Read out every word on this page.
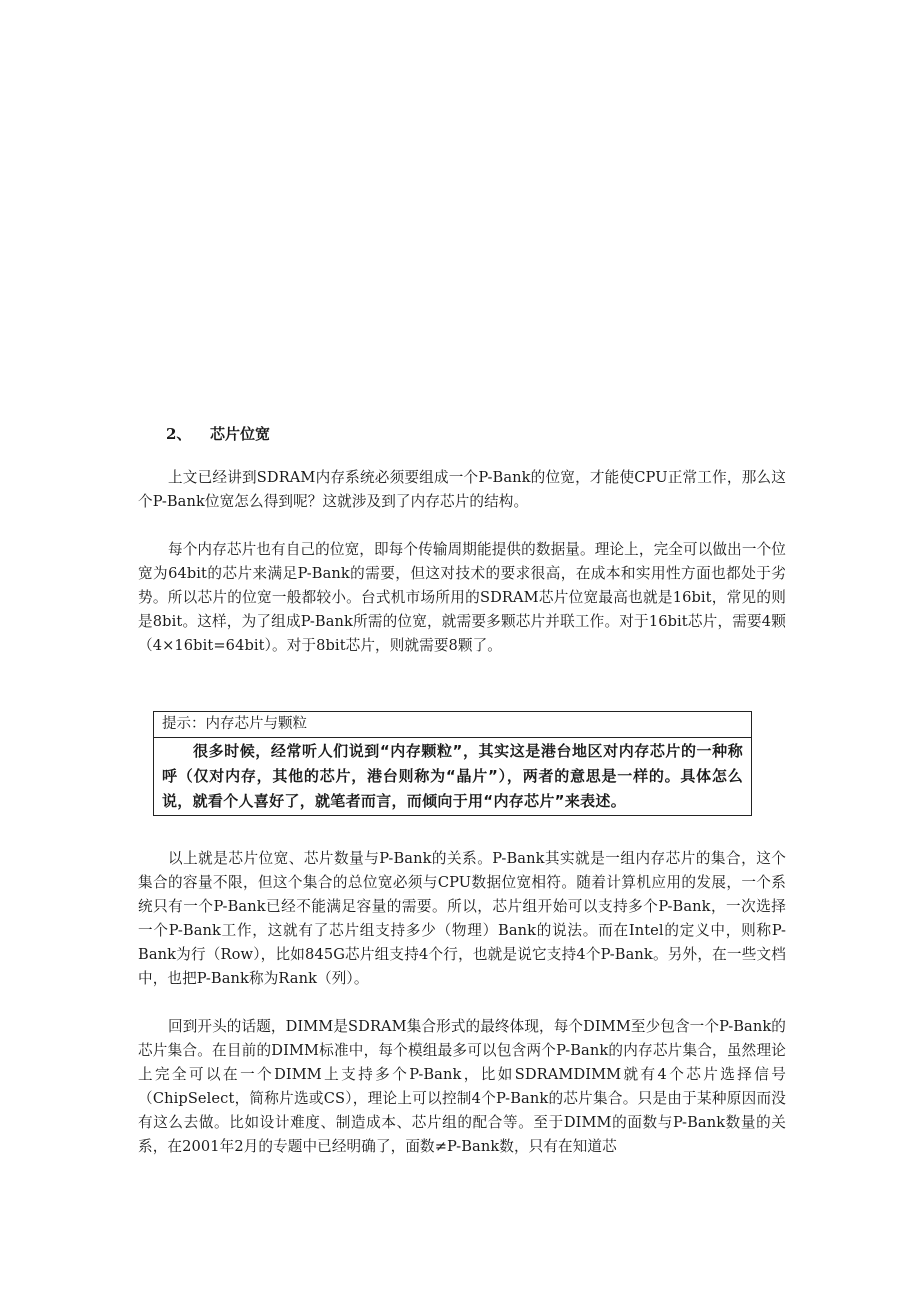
2、 芯片位宽

上文已经讲到SDRAM内存系统必须要组成一个P-Bank的位宽，才能使CPU正常工作，那么这个P-Bank位宽怎么得到呢？这就涉及到了内存芯片的结构。

每个内存芯片也有自己的位宽，即每个传输周期能提供的数据量。理论上，完全可以做出一个位宽为64bit的芯片来满足P-Bank的需要，但这对技术的要求很高，在成本和实用性方面也都处于劣势。所以芯片的位宽一般都较小。台式机市场所用的SDRAM芯片位宽最高也就是16bit，常见的则是8bit。这样，为了组成P-Bank所需的位宽，就需要多颗芯片并联工作。对于16bit芯片，需要4颗（4×16bit=64bit）。对于8bit芯片，则就需要8颗了。

提示：内存芯片与颗粒
很多时候，经常听人们说到“内存颗粒”，其实这是港台地区对内存芯片的一种称呼（仅对内存，其他的芯片，港台则称为“晶片”），两者的意思是一样的。具体怎么说，就看个人喜好了，就笔者而言，而倾向于用“内存芯片”来表述。

以上就是芯片位宽、芯片数量与P-Bank的关系。P-Bank其实就是一组内存芯片的集合，这个集合的容量不限，但这个集合的总位宽必须与CPU数据位宽相符。随着计算机应用的发展，一个系统只有一个P-Bank已经不能满足容量的需要。所以，芯片组开始可以支持多个P-Bank，一次选择一个P-Bank工作，这就有了芯片组支持多少（物理）Bank的说法。而在Intel的定义中，则称P-Bank为行（Row），比如845G芯片组支持4个行，也就是说它支持4个P-Bank。另外，在一些文档中，也把P-Bank称为Rank（列）。

回到开头的话题，DIMM是SDRAM集合形式的最终体现，每个DIMM至少包含一个P-Bank的芯片集合。在目前的DIMM标准中，每个模组最多可以包含两个P-Bank的内存芯片集合，虽然理论上完全可以在一个DIMM上支持多个P-Bank，比如SDRAMDIMM就有4个芯片选择信号（ChipSelect，简称片选或CS），理论上可以控制4个P-Bank的芯片集合。只是由于某种原因而没有这么去做。比如设计难度、制造成本、芯片组的配合等。至于DIMM的面数与P-Bank数量的关系，在2001年2月的专题中已经明确了，面数≠P-Bank数，只有在知道芯
